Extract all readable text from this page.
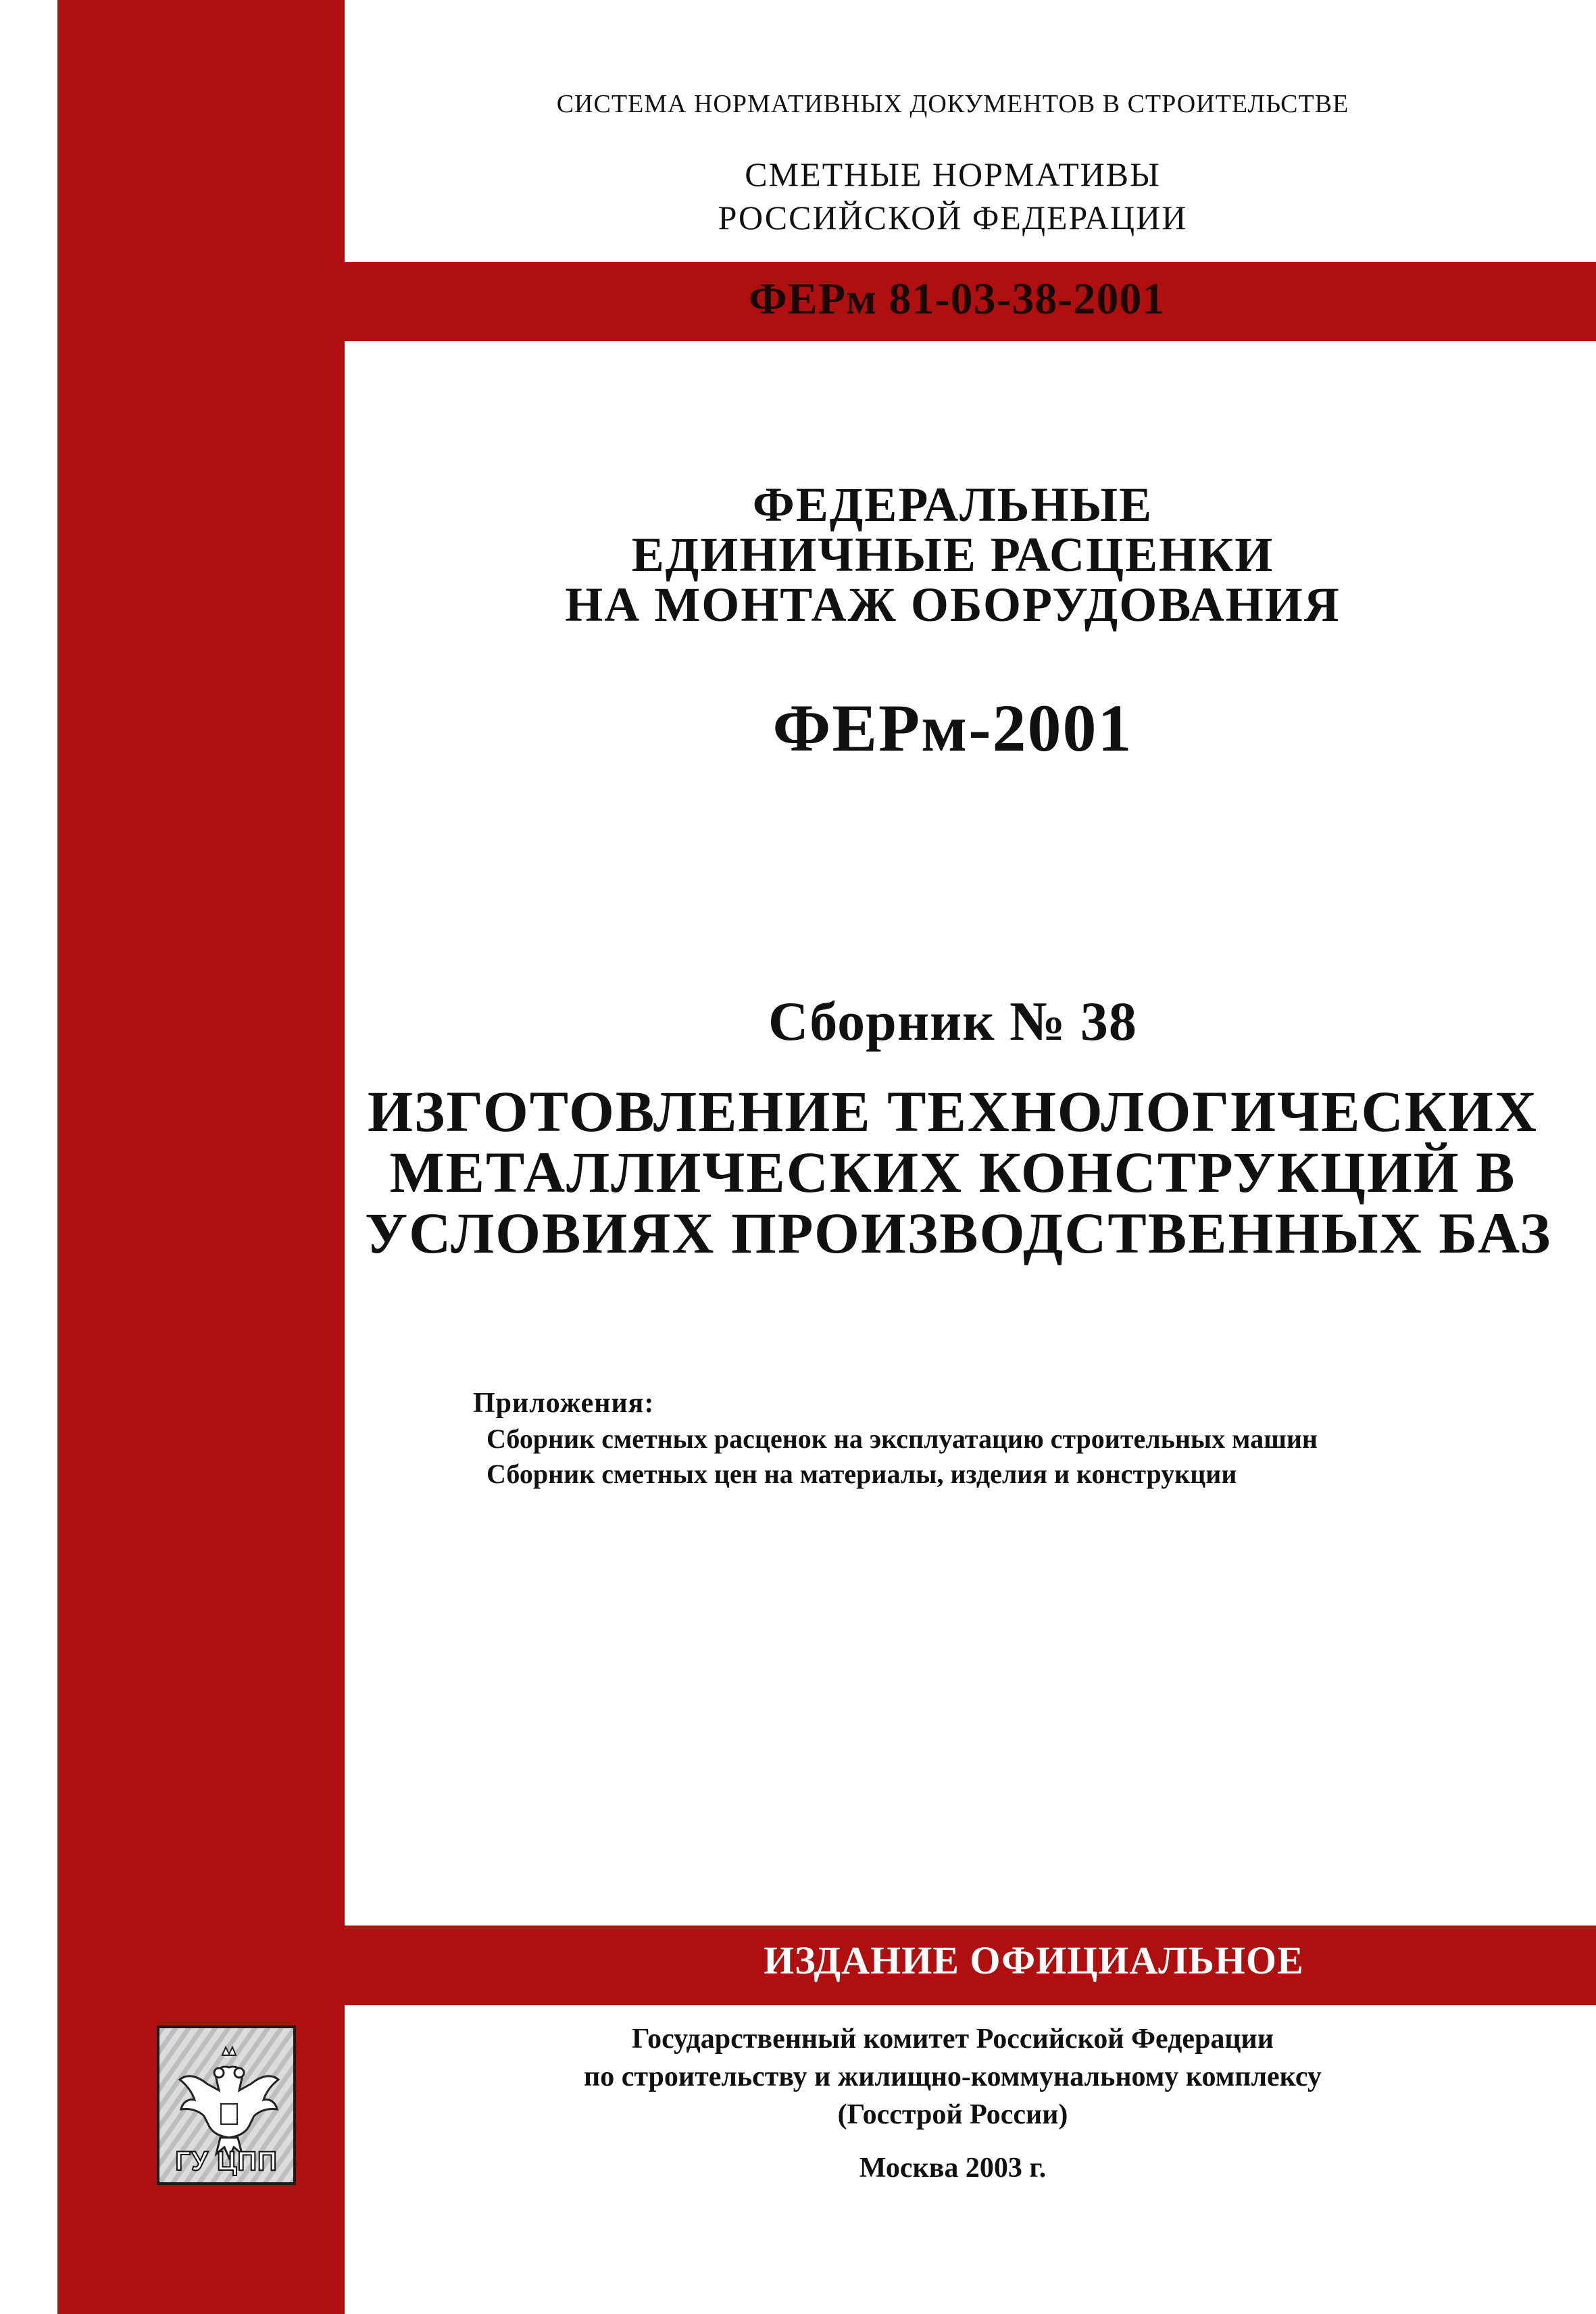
СИСТЕМА НОРМАТИВНЫХ ДОКУМЕНТОВ В СТРОИТЕЛЬСТВЕ
СМЕТНЫЕ НОРМАТИВЫ
РОССИЙСКОЙ ФЕДЕРАЦИИ
ФЕРм 81-03-38-2001
ФЕДЕРАЛЬНЫЕ
ЕДИНИЧНЫЕ РАСЦЕНКИ
НА МОНТАЖ ОБОРУДОВАНИЯ
ФЕРм-2001
Сборник № 38
ИЗГОТОВЛЕНИЕ ТЕХНОЛОГИЧЕСКИХ
МЕТАЛЛИЧЕСКИХ КОНСТРУКЦИЙ В
УСЛОВИЯХ ПРОИЗВОДСТВЕННЫХ БАЗ
Приложения:
Сборник сметных расценок на эксплуатацию строительных машин
Сборник сметных цен на материалы, изделия и конструкции
ИЗДАНИЕ ОФИЦИАЛЬНОЕ
ГУ ЦПП
Государственный комитет Российской Федерации
по строительству и жилищно-коммунальному комплексу
(Госстрой России)
Москва 2003 г.
